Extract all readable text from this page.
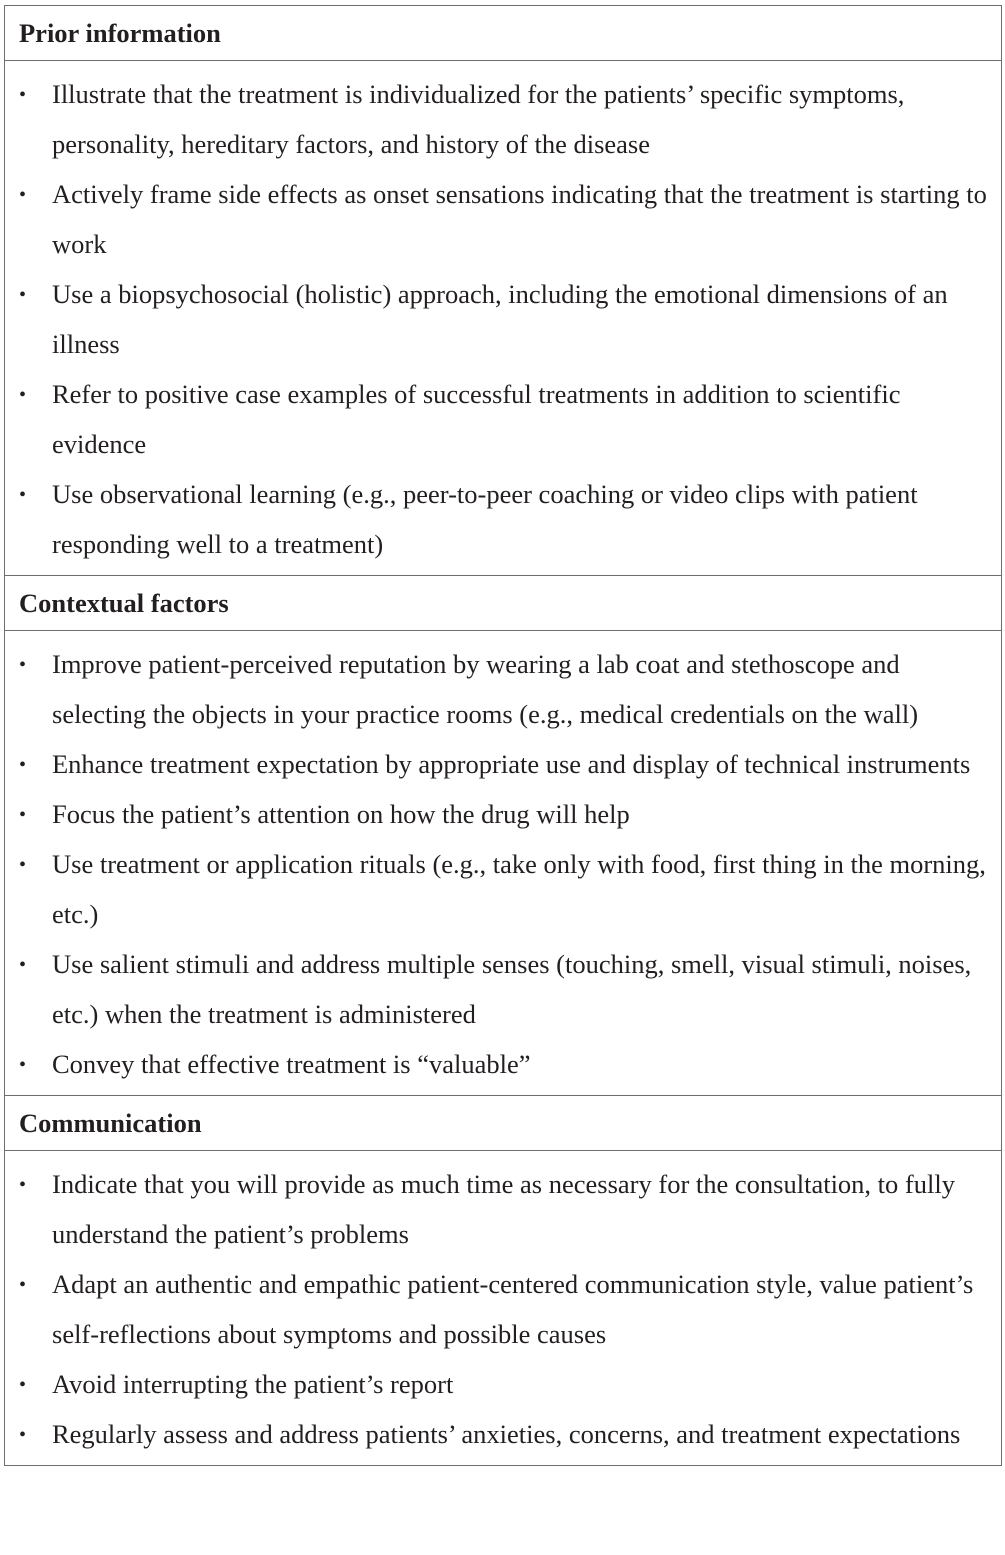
Prior information
• Illustrate that the treatment is individualized for the patients’ specific symptoms, personality, hereditary factors, and history of the disease
• Actively frame side effects as onset sensations indicating that the treatment is starting to work
• Use a biopsychosocial (holistic) approach, including the emotional dimensions of an illness
• Refer to positive case examples of successful treatments in addition to scientific evidence
• Use observational learning (e.g., peer-to-peer coaching or video clips with patient responding well to a treatment)
Contextual factors
• Improve patient-perceived reputation by wearing a lab coat and stethoscope and selecting the objects in your practice rooms (e.g., medical credentials on the wall)
• Enhance treatment expectation by appropriate use and display of technical instruments
• Focus the patient’s attention on how the drug will help
• Use treatment or application rituals (e.g., take only with food, first thing in the morning, etc.)
• Use salient stimuli and address multiple senses (touching, smell, visual stimuli, noises, etc.) when the treatment is administered
• Convey that effective treatment is “valuable”
Communication
• Indicate that you will provide as much time as necessary for the consultation, to fully understand the patient’s problems
• Adapt an authentic and empathic patient-centered communication style, value patient’s self-reflections about symptoms and possible causes
• Avoid interrupting the patient’s report
• Regularly assess and address patients’ anxieties, concerns, and treatment expectations
